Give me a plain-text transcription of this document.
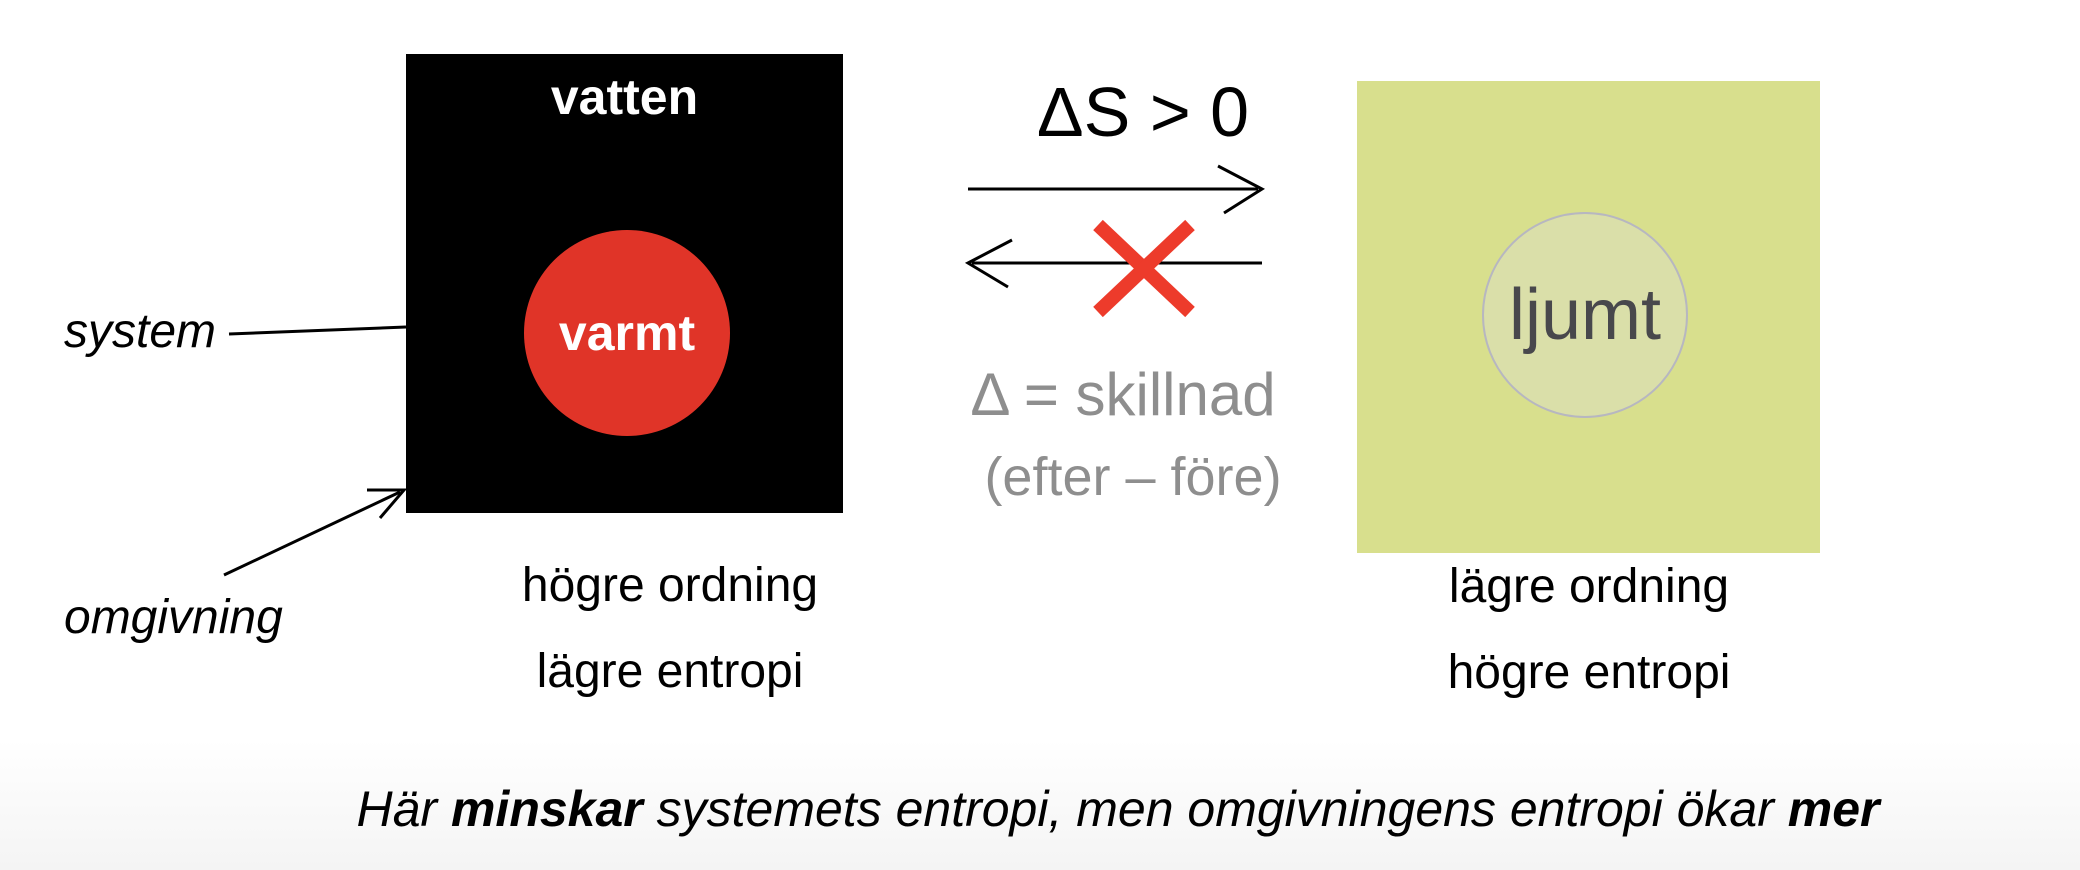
vatten
varmt	ljumt
ΔS > 0
Δ = skillnad
(efter – före)
system
omgivning
högre ordning
lägre entropi
lägre ordning
högre entropi
Här minskar systemets entropi, men omgivningens entropi ökar mer
